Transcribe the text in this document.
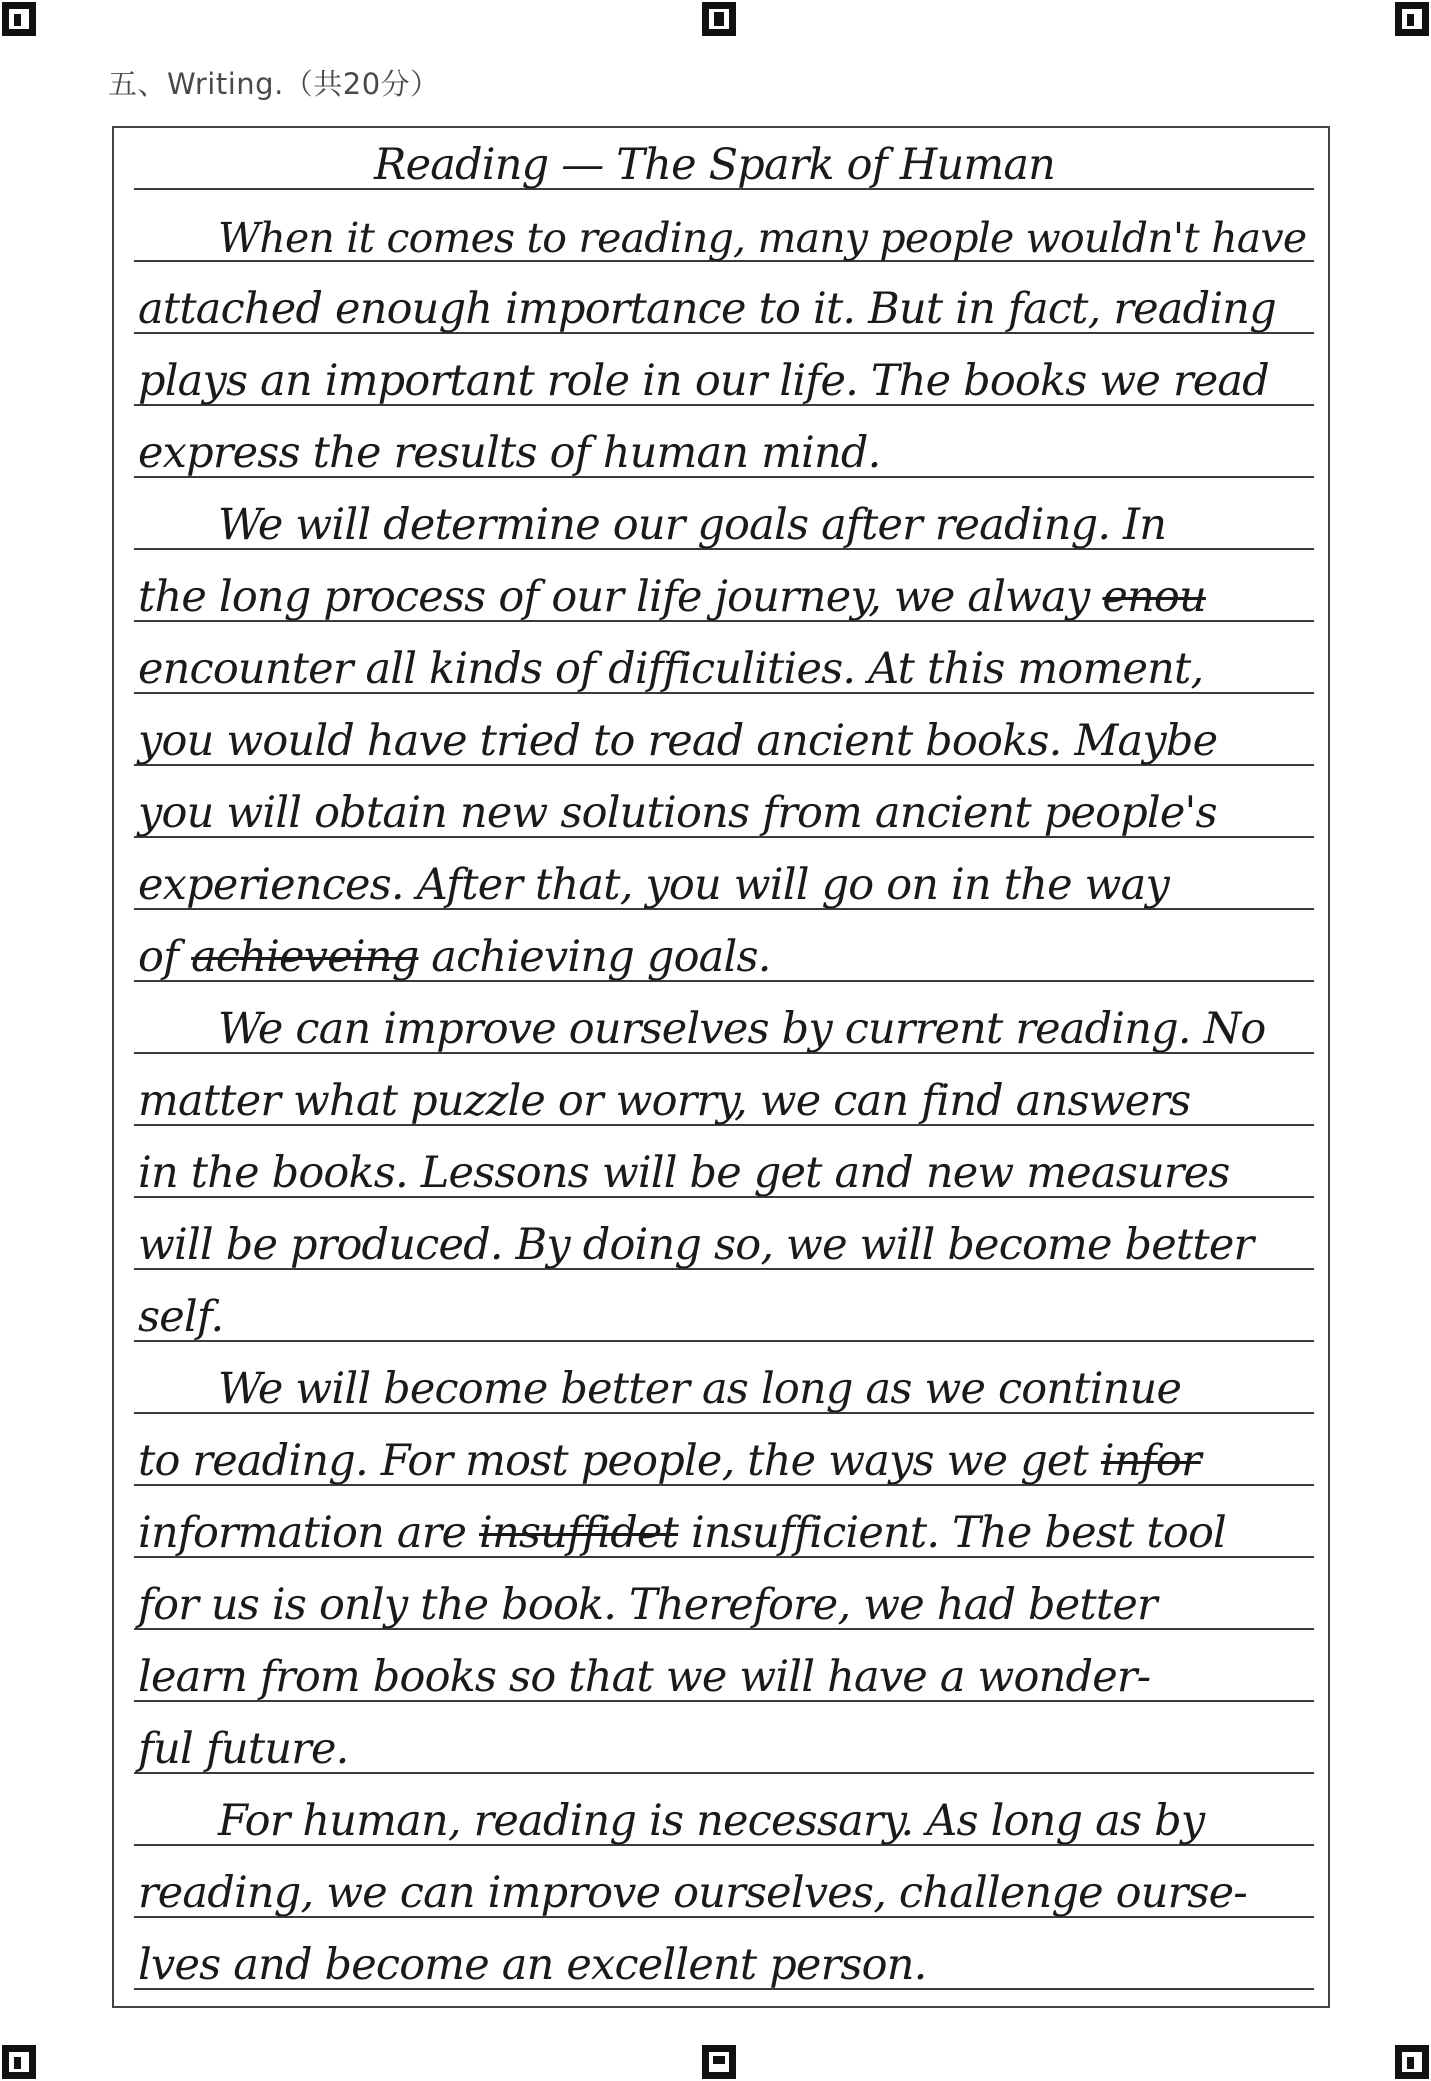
五、Writing.（共20分）
Reading — The Spark of Human
When it comes to reading, many people wouldn't have
attached enough importance to it. But in fact, reading
plays an important role in our life. The books we read
express the results of human mind.
We will determine our goals after reading. In
the long process of our life journey, we alway enou
encounter all kinds of difficulities. At this moment,
you would have tried to read ancient books. Maybe
you will obtain new solutions from ancient people's
experiences. After that, you will go on in the way
of achieveing achieving goals.
We can improve ourselves by current reading. No
matter what puzzle or worry, we can find answers
in the books. Lessons will be get and new measures
will be produced. By doing so, we will become better
self.
We will become better as long as we continue
to reading. For most people, the ways we get infor
information are insuffidet insufficient. The best tool
for us is only the book. Therefore, we had better
learn from books so that we will have a wonder-
ful future.
For human, reading is necessary. As long as by
reading, we can improve ourselves, challenge ourse-
lves and become an excellent person.
